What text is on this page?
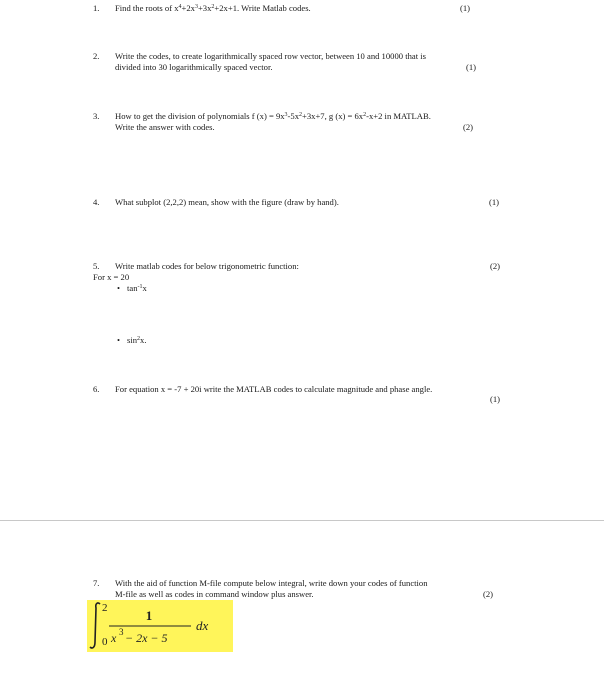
1. Find the roots of $x^4+2x^3+3x^2+2x+1$. Write Matlab codes.	(1)
2. Write the codes, to create logarithmically spaced row vector, between 10 and 10000 that is
divided into 30 logarithmically spaced vector.	(1)
3. How to get the division of polynomials f $(x) = 9x^3-5x^2+3x+7$, g $(x) = 6x^2-x+2$ in MATLAB.
Write the answer with codes.	(2)
4. What subplot (2,2,2) mean, show with the figure (draw by hand).	(1)
5. Write matlab codes for below trigonometric function:	(2)
For x = 20
• $\tan^{-1}x$
• $\sin^2x$.
6. For equation x = -7 + 20i write the MATLAB codes to calculate magnitude and phase angle.
(1)
7. With the aid of function M-file compute below integral, write down your codes of function
M-file as well as codes in command window plus answer.	(2)
2
0
1
x 3 − 2x − 5
dx
